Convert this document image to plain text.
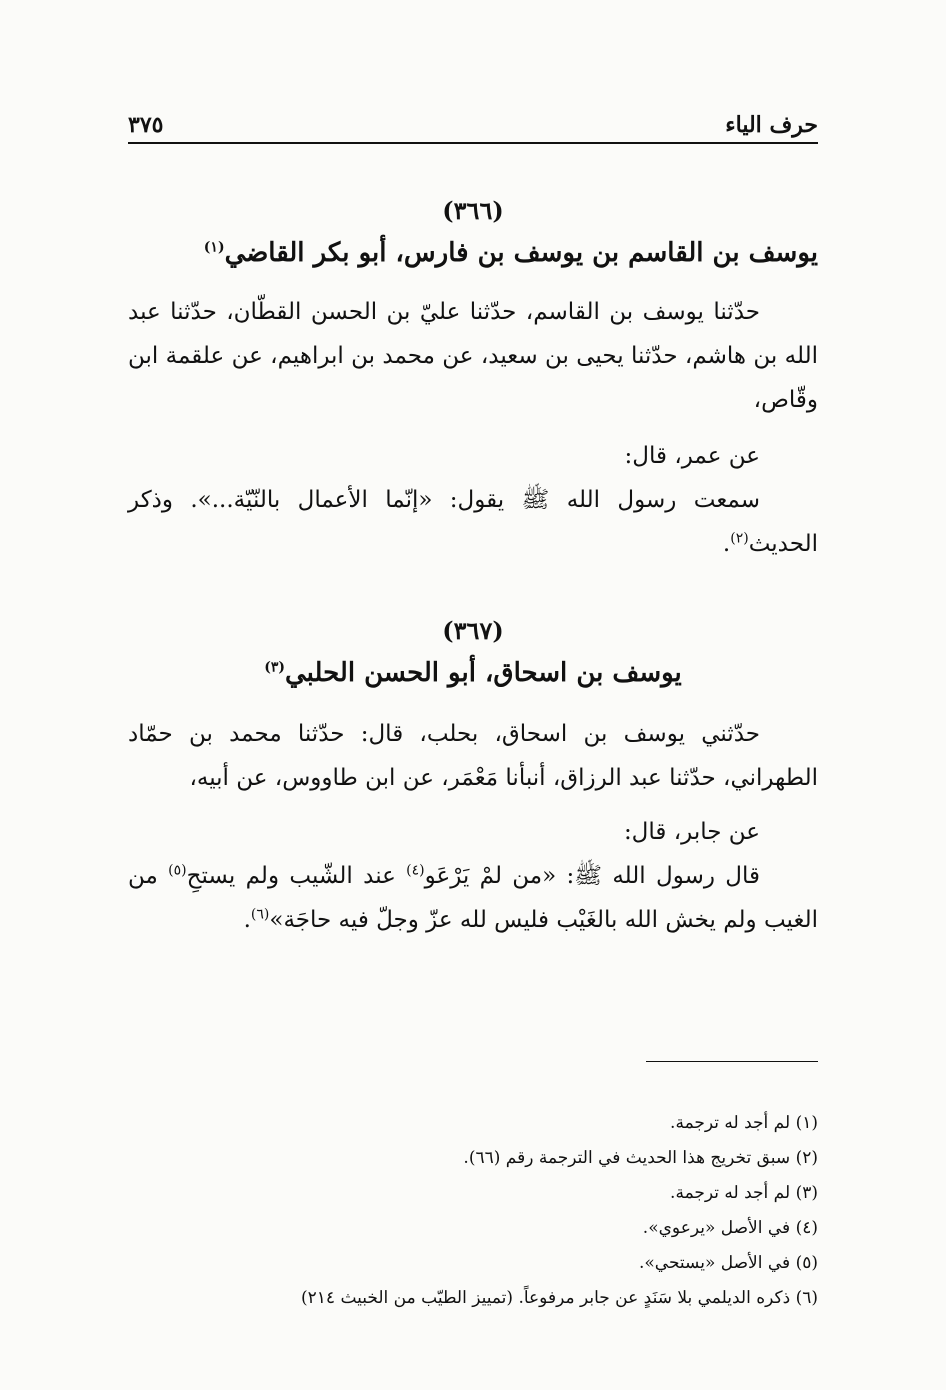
حرف الياء
٣٧٥
(٣٦٦)
يوسف بن القاسم بن يوسف بن فارس، أبو بكر القاضي$^{(١)}$
حدّثنا يوسف بن القاسم، حدّثنا عليّ بن الحسن القطّان، حدّثنا عبد الله بن هاشم، حدّثنا يحيى بن سعيد، عن محمد بن ابراهيم، عن علقمة ابن وقّاص،
عن عمر، قال:
سمعت رسول الله ﷺ يقول: «إنّما الأعمال بالنّيّة...». وذكر الحديث$^{(٢)}$.
(٣٦٧)
يوسف بن اسحاق، أبو الحسن الحلبي$^{(٣)}$
حدّثني يوسف بن اسحاق، بحلب، قال: حدّثنا محمد بن حمّاد الطهراني، حدّثنا عبد الرزاق، أنبأنا مَعْمَر، عن ابن طاووس، عن أبيه،
عن جابر، قال:
قال رسول الله ﷺ: «من لمْ يَرْعَو$^{(٤)}$ عند الشّيب ولم يستحِ$^{(٥)}$ من الغيب ولم يخش الله بالغَيْب فليس لله عزّ وجلّ فيه حاجَة»$^{(٦)}$.
(١) لم أجد له ترجمة.
(٢) سبق تخريج هذا الحديث في الترجمة رقم (٦٦).
(٣) لم أجد له ترجمة.
(٤) في الأصل «يرعوي».
(٥) في الأصل «يستحي».
(٦) ذكره الديلمي بلا سَنَدٍ عن جابر مرفوعاً. (تمييز الطيّب من الخبيث ٢١٤)
